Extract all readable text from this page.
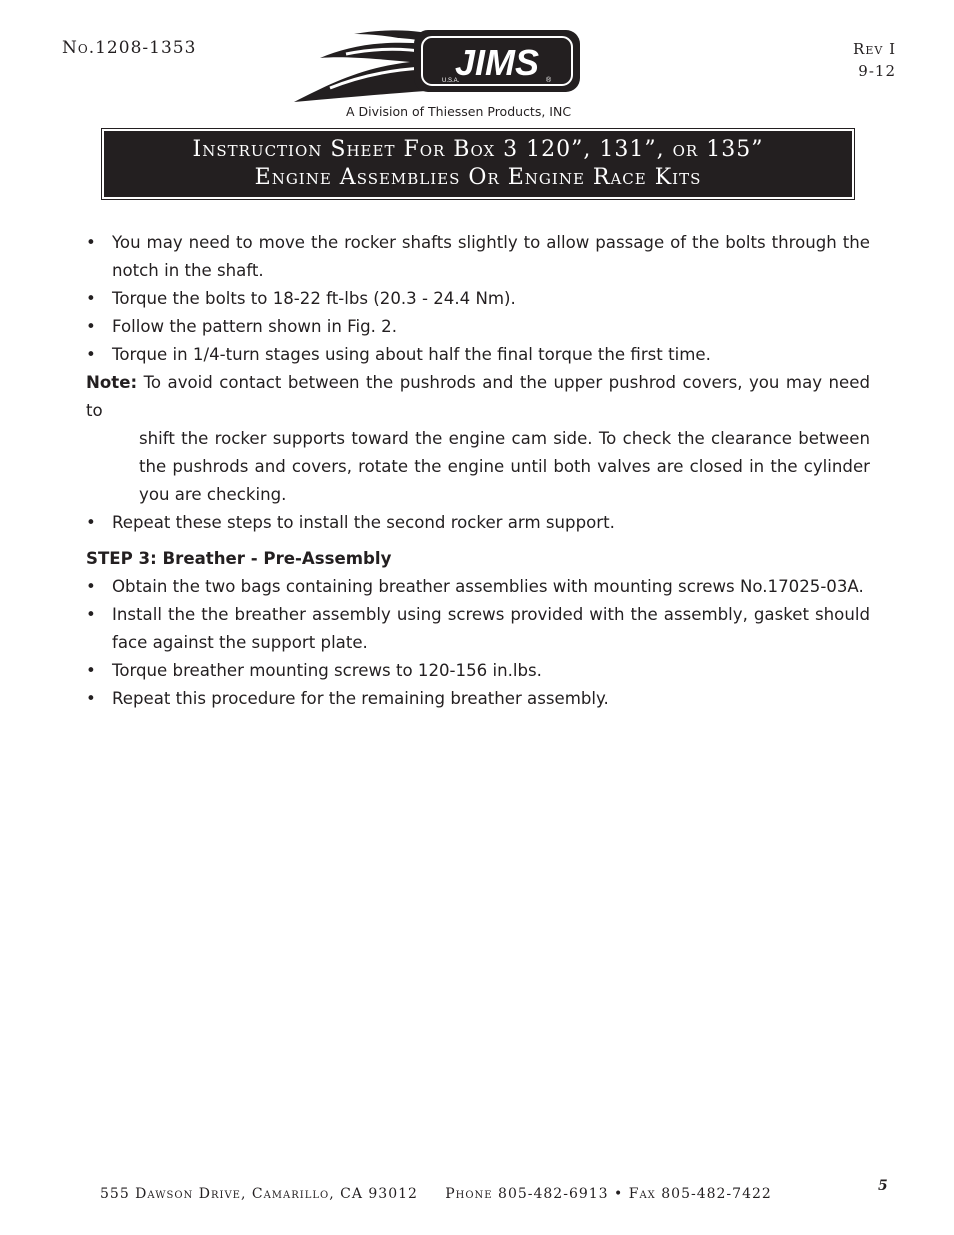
No.1208-1353	Rev I
9-12
JIMS
U.S.A.	®
A Division of Thiessen Products, INC
Instruction Sheet For Box 3 120”, 131”, or 135”
Engine Assemblies Or Engine Race Kits
• You may need to move the rocker shafts slightly to allow passage of the bolts through the notch in the shaft.
• Torque the bolts to 18-22 ft-lbs (20.3 - 24.4 Nm).
• Follow the pattern shown in Fig. 2.
• Torque in 1/4-turn stages using about half the final torque the first time.
Note: To avoid contact between the pushrods and the upper pushrod covers, you may need to
shift the rocker supports toward the engine cam side. To check the clearance between the pushrods and covers, rotate the engine until both valves are closed in the cylinder you are checking.
• Repeat these steps to install the second rocker arm support.
STEP 3: Breather - Pre-Assembly
• Obtain the two bags containing breather assemblies with mounting screws No.17025-03A.
• Install the the breather assembly using screws provided with the assembly, gasket should face against the support plate.
• Torque breather mounting screws to 120-156 in.lbs.
• Repeat this procedure for the remaining breather assembly.
555 Dawson Drive, Camarillo, CA 93012 Phone 805-482-6913 • Fax 805-482-7422	5
